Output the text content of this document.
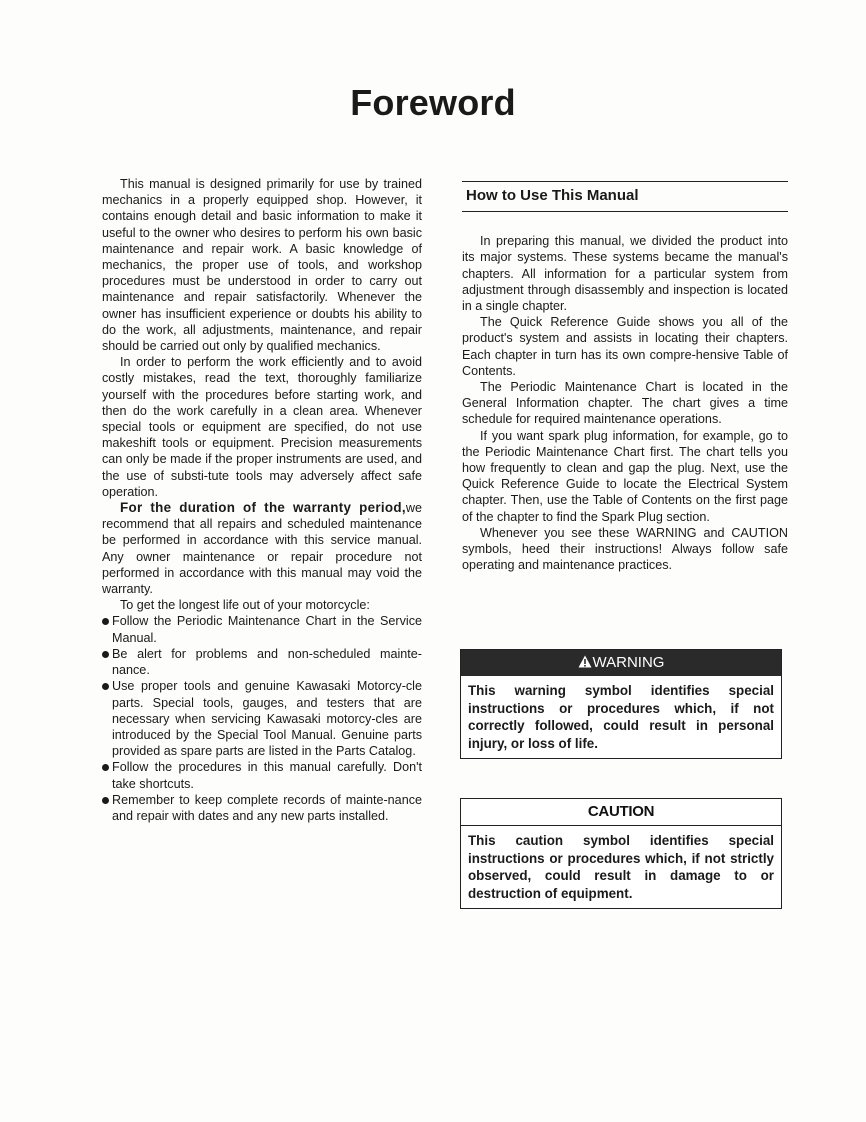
Foreword

This manual is designed primarily for use by trained mechanics in a properly equipped shop. However, it contains enough detail and basic information to make it useful to the owner who desires to perform his own basic maintenance and repair work. A basic knowledge of mechanics, the proper use of tools, and workshop procedures must be understood in order to carry out maintenance and repair satisfactorily. Whenever the owner has insufficient experience or doubts his ability to do the work, all adjustments, maintenance, and repair should be carried out only by qualified mechanics.

In order to perform the work efficiently and to avoid costly mistakes, read the text, thoroughly familiarize yourself with the procedures before starting work, and then do the work carefully in a clean area. Whenever special tools or equipment are specified, do not use makeshift tools or equipment. Precision measurements can only be made if the proper instruments are used, and the use of substi-tute tools may adversely affect safe operation.

For the duration of the warranty period,we recommend that all repairs and scheduled maintenance be performed in accordance with this service manual. Any owner maintenance or repair procedure not performed in accordance with this manual may void the warranty.

To get the longest life out of your motorcycle:

Follow the Periodic Maintenance Chart in the Service Manual.
Be alert for problems and non-scheduled mainte-nance.
Use proper tools and genuine Kawasaki Motorcy-cle parts. Special tools, gauges, and testers that are necessary when servicing Kawasaki motorcy-cles are introduced by the Special Tool Manual. Genuine parts provided as spare parts are listed in the Parts Catalog.
Follow the procedures in this manual carefully. Don't take shortcuts.
Remember to keep complete records of mainte-nance and repair with dates and any new parts installed.
How to Use This Manual

In preparing this manual, we divided the product into its major systems. These systems became the manual's chapters. All information for a particular system from adjustment through disassembly and inspection is located in a single chapter.

The Quick Reference Guide shows you all of the product's system and assists in locating their chapters. Each chapter in turn has its own compre-hensive Table of Contents.

The Periodic Maintenance Chart is located in the General Information chapter. The chart gives a time schedule for required maintenance operations.

If you want spark plug information, for example, go to the Periodic Maintenance Chart first. The chart tells you how frequently to clean and gap the plug. Next, use the Quick Reference Guide to locate the Electrical System chapter. Then, use the Table of Contents on the first page of the chapter to find the Spark Plug section.

Whenever you see these WARNING and CAUTION symbols, heed their instructions! Always follow safe operating and maintenance practices.

WARNING
This warning symbol identifies special instructions or procedures which, if not correctly followed, could result in personal injury, or loss of life.
CAUTION
This caution symbol identifies special instructions or procedures which, if not strictly observed, could result in damage to or destruction of equipment.
